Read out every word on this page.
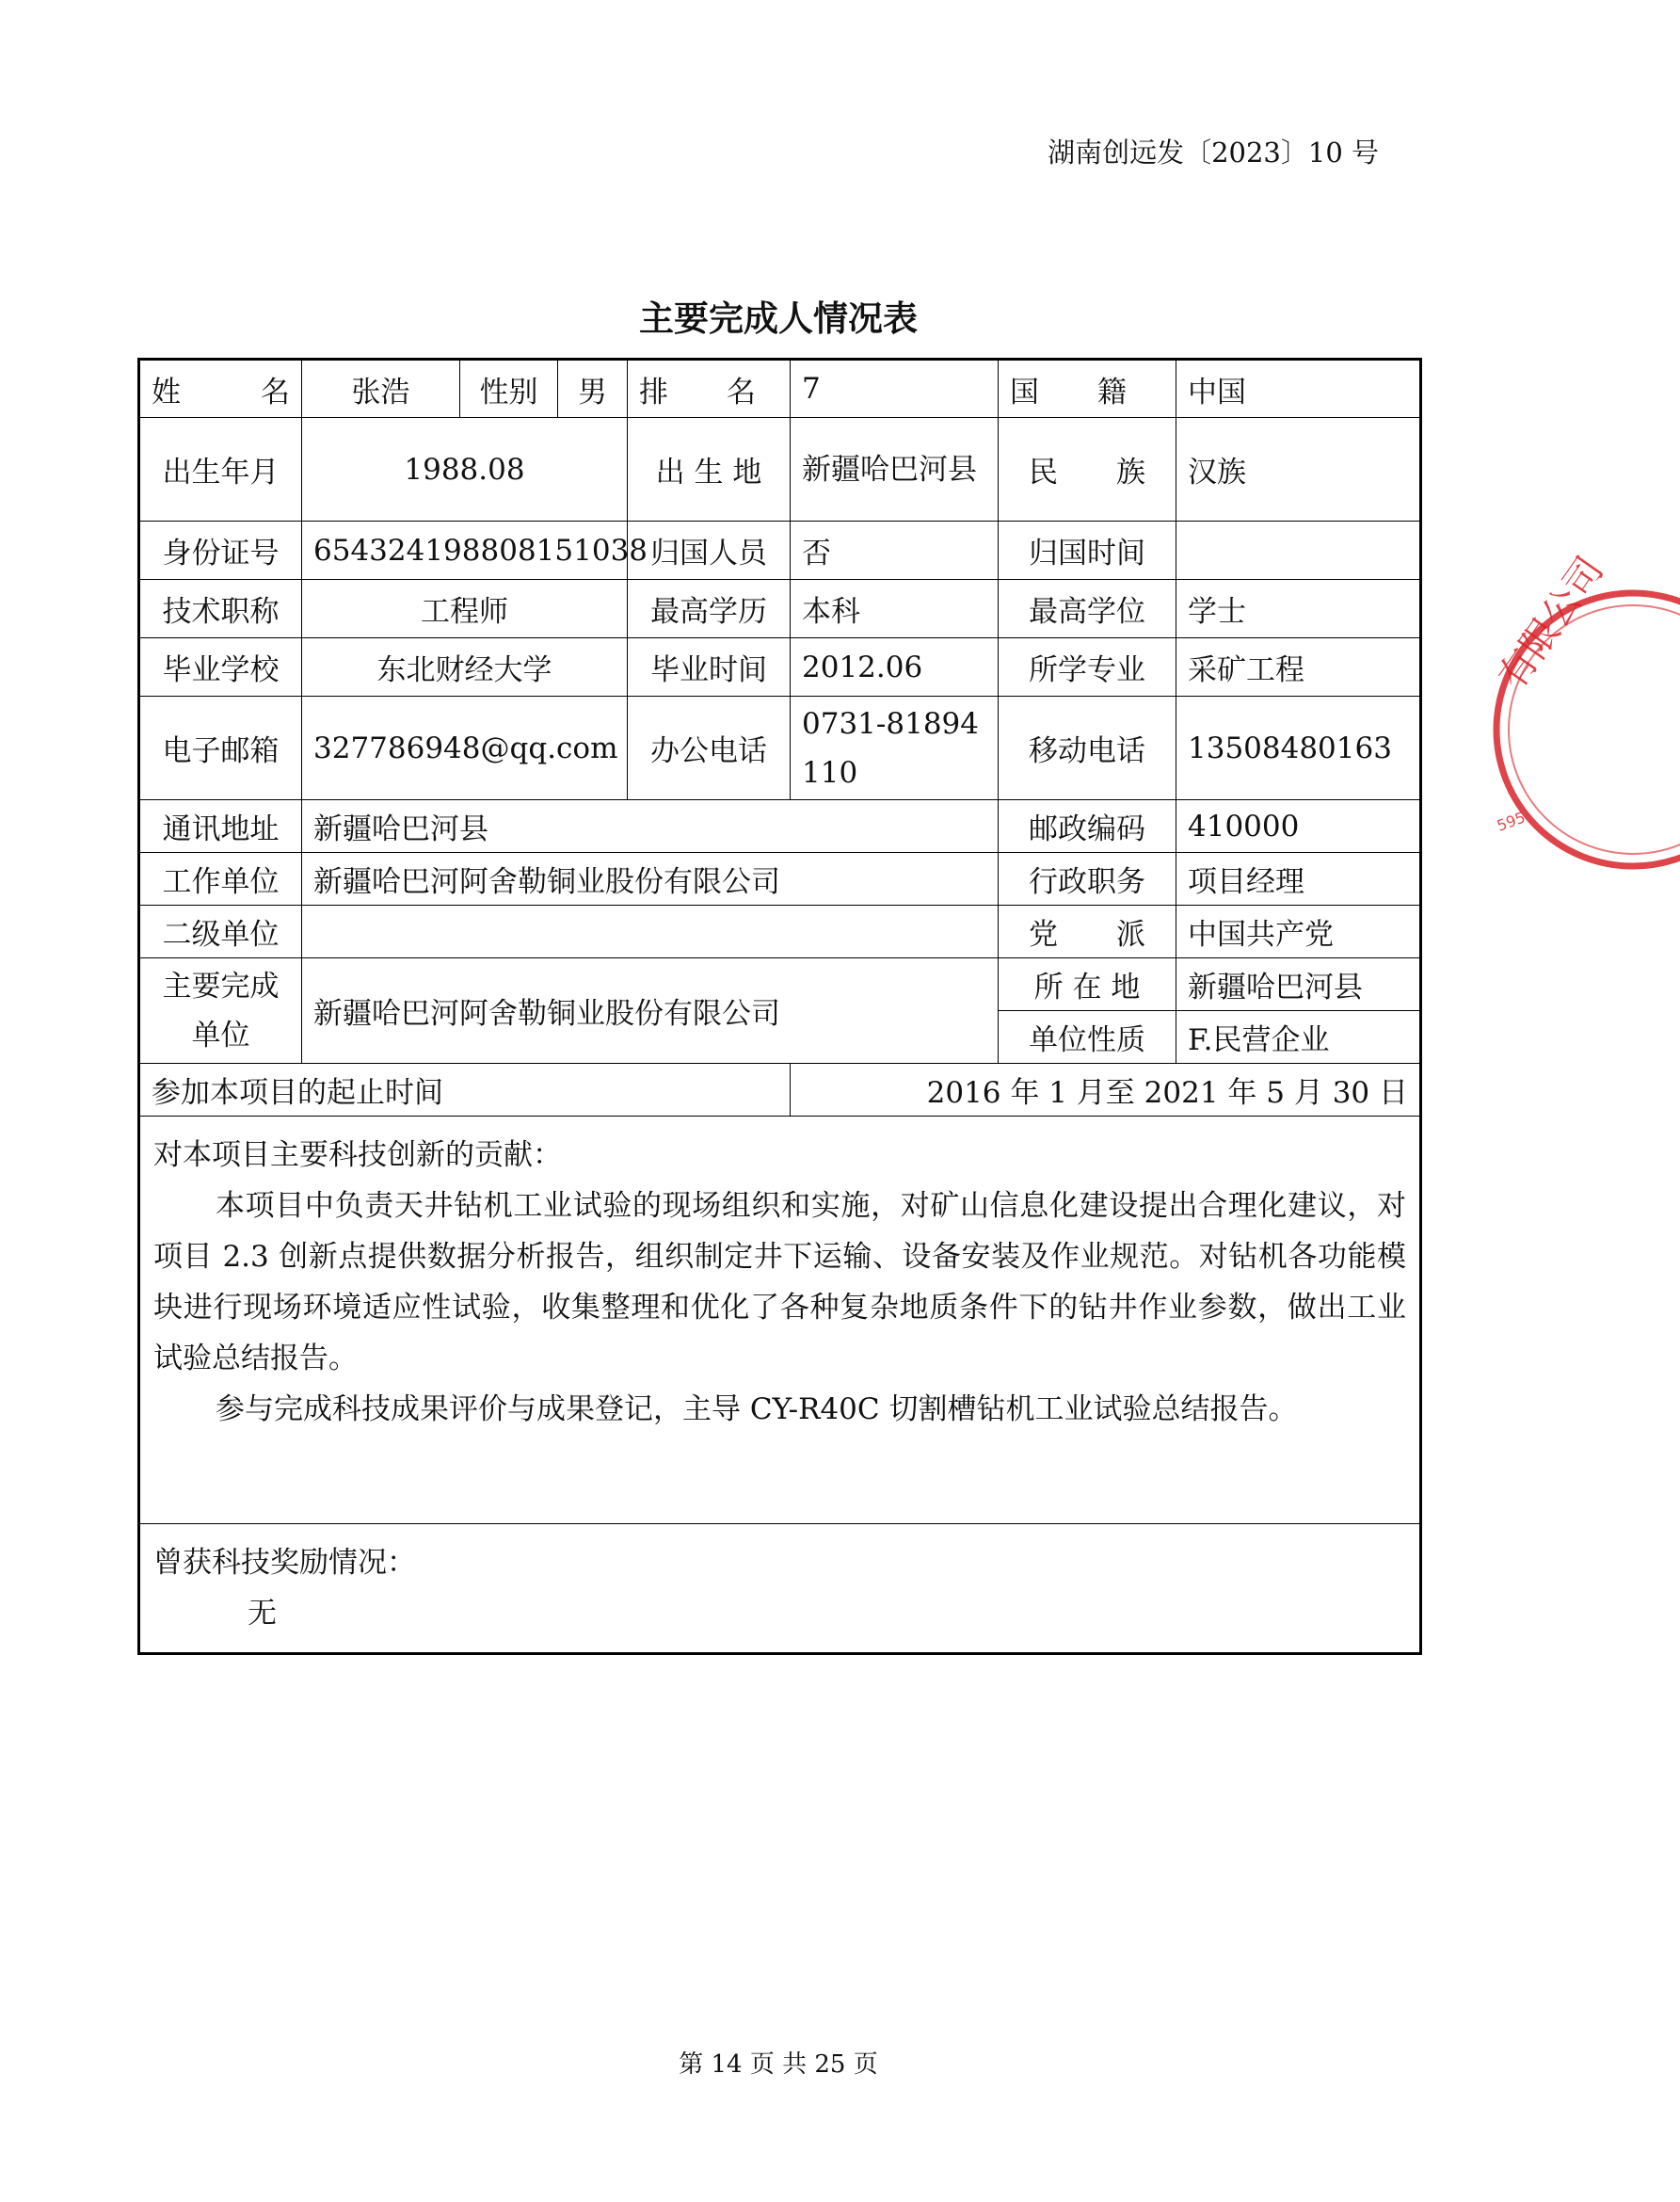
湖南创远发〔2023〕10 号
主要完成人情况表
姓　　名	张浩	性别	男	排　　名	7	国　　籍	中国
出生年月	1988.08			出 生 地	新疆哈巴河县	民　　族	汉族
身份证号	654324198808151038			归国人员	否	归国时间	
技术职称	工程师			最高学历	本科	最高学位	学士
毕业学校	东北财经大学			毕业时间	2012.06	所学专业	采矿工程
电子邮箱	327786948@qq.com			办公电话	0731-81894110	移动电话	13508480163
通讯地址	新疆哈巴河县					邮政编码	410000
工作单位	新疆哈巴河阿舍勒铜业股份有限公司					行政职务	项目经理
二级单位						党　　派	中国共产党
主要完成单位	新疆哈巴河阿舍勒铜业股份有限公司					所 在 地	新疆哈巴河县
						单位性质	F.民营企业
参加本项目的起止时间					2016 年 1 月至 2021 年 5 月 30 日		

对本项目主要科技创新的贡献：

本项目中负责天井钻机工业试验的现场组织和实施，对矿山信息化建设提出合理化建议，对项目 2.3 创新点提供数据分析报告，组织制定井下运输、设备安装及作业规范。对钻机各功能模块进行现场环境适应性试验，收集整理和优化了各种复杂地质条件下的钻井作业参数，做出工业试验总结报告。

参与完成科技成果评价与成果登记，主导 CY-R40C 切割槽钻机工业试验总结报告。							

曾获科技奖励情况：
无							
有限公司
595
第 14 页 共 25 页
